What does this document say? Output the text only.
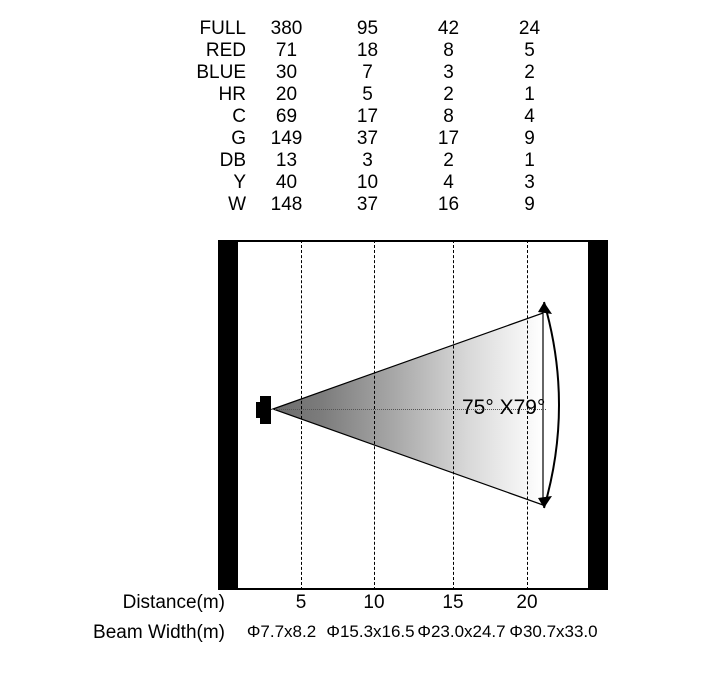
FULL	380	95	42	24
RED	71	18	8	5
BLUE	30	7	3	2
HR	20	5	2	1
C	69	17	8	4
G	149	37	17	9
DB	13	3	2	1
Y	40	10	4	3
W	148	37	16	9
75° X79°
Distance(m)	5	10	15	20
Beam Width(m)	Φ7.7x8.2 Φ15.3x16.5 Φ23.0x24.7 Φ30.7x33.0
